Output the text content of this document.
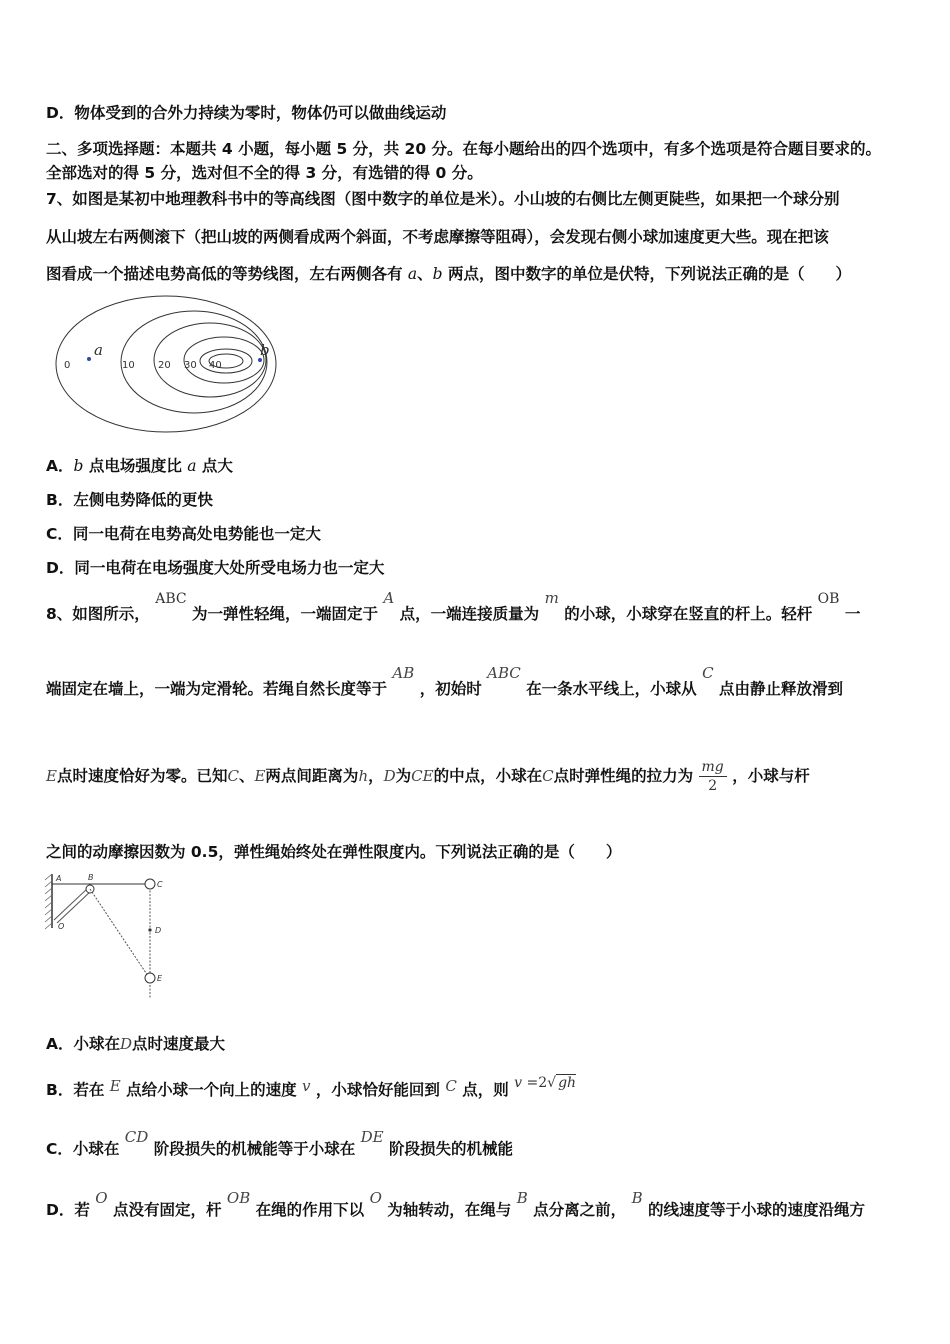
D．物体受到的合外力持续为零时，物体仍可以做曲线运动
二、多项选择题：本题共 4 小题，每小题 5 分，共 20 分。在每小题给出的四个选项中，有多个选项是符合题目要求的。
全部选对的得 5 分，选对但不全的得 3 分，有选错的得 0 分。
7、如图是某初中地理教科书中的等高线图（图中数字的单位是米）。小山坡的右侧比左侧更陡些，如果把一个球分别
从山坡左右两侧滚下（把山坡的两侧看成两个斜面，不考虑摩擦等阻碍），会发现右侧小球加速度更大些。现在把该
图看成一个描述电势高低的等势线图，左右两侧各有 a、b 两点，图中数字的单位是伏特，下列说法正确的是（　　）
0	10 20 30 40
a	b
A．b 点电场强度比 a 点大
B．左侧电势降低的更快
C．同一电荷在电势高处电势能也一定大
D．同一电荷在电场强度大处所受电场力也一定大
8、如图所示， ABC 为一弹性轻绳，一端固定于 A 点，一端连接质量为 m 的小球，小球穿在竖直的杆上。轻杆 OB 一
端固定在墙上，一端为定滑轮。若绳自然长度等于 AB ，初始时 ABC 在一条水平线上，小球从 C 点由静止释放滑到
E点时速度恰好为零。已知C、E两点间距离为h，D为CE的中点，小球在C点时弹性绳的拉力为 $\frac{mg}{2}$ ，小球与杆
之间的动摩擦因数为 0.5，弹性绳始终处在弹性限度内。下列说法正确的是（　　）
A	B
C
D
E
O
A．小球在D点时速度最大
B．若在 E 点给小球一个向上的速度 v ，小球恰好能回到 C 点，则 v =2√ gh
C．小球在 CD 阶段损失的机械能等于小球在 DE 阶段损失的机械能
D．若 O 点没有固定，杆 OB 在绳的作用下以 O 为轴转动，在绳与 B 点分离之前， B 的线速度等于小球的速度沿绳方
